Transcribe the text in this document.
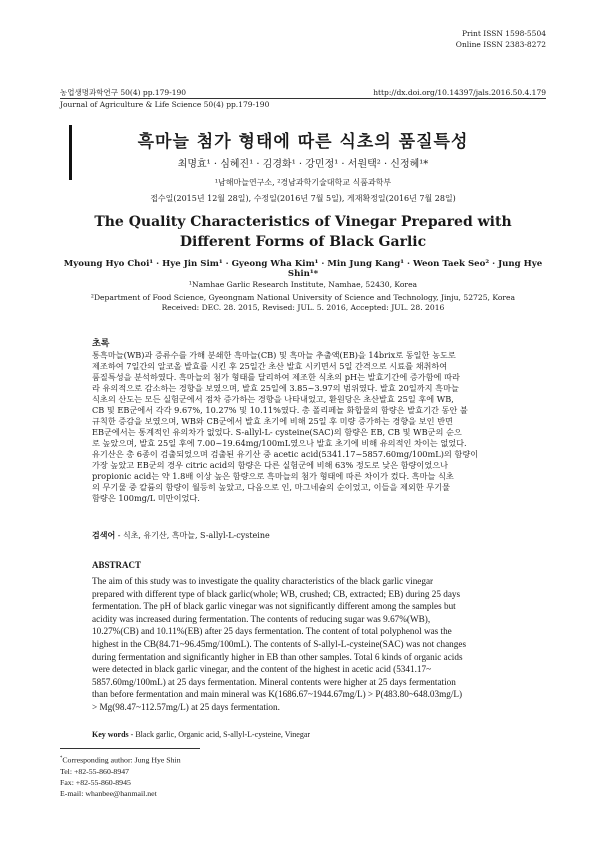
Print ISSN 1598-5504
Online ISSN 2383-8272
농업생명과학연구 50(4) pp.179-190	http://dx.doi.org/10.14397/jals.2016.50.4.179
Journal of Agriculture & Life Science 50(4) pp.179-190
흑마늘 첨가 형태에 따른 식초의 품질특성
최명효¹ · 심혜진¹ · 김경화¹ · 강민정¹ · 서원택² · 신정혜¹*
¹남해마늘연구소, ²경남과학기술대학교 식품과학부
접수일(2015년 12월 28일), 수정일(2016년 7월 5일), 게재확정일(2016년 7월 28일)
The Quality Characteristics of Vinegar Prepared with
Different Forms of Black Garlic
Myoung Hyo Choi¹ · Hye Jin Sim¹ · Gyeong Wha Kim¹ · Min Jung Kang¹ · Weon Taek Seo² · Jung Hye Shin¹*
¹Namhae Garlic Research Institute, Namhae, 52430, Korea
²Department of Food Science, Gyeongnam National University of Science and Technology, Jinju, 52725, Korea
Received: DEC. 28. 2015, Revised: JUL. 5. 2016, Accepted: JUL. 28. 2016
초록
통흑마늘(WB)과 증류수를 가해 분쇄한 흑마늘(CB) 및 흑마늘 추출액(EB)을 14brix로 동일한 농도로
제조하여 7일간의 알코올 발효를 시킨 후 25일간 초산 발효 시키면서 5일 간격으로 시료를 채취하여
품질특성을 분석하였다. 흑마늘의 첨가 형태를 달리하여 제조한 식초의 pH는 발효기간에 증가함에 따라
라 유의적으로 감소하는 경향을 보였으며, 발효 25일에 3.85~3.97의 범위였다. 발효 20일까지 흑마늘
식초의 산도는 모든 실험군에서 점차 증가하는 경향을 나타내었고, 환원당은 초산발효 25일 후에 WB,
CB 및 EB군에서 각각 9.67%, 10.27% 및 10.11%였다. 총 폴리페놀 화합물의 함량은 발효기간 동안 불
규칙한 증감을 보였으며, WB와 CB군에서 발효 초기에 비해 25일 후 미량 증가하는 경향을 보인 반면
EB군에서는 통계적인 유의차가 없었다. S-allyl-L- cysteine(SAC)의 함량은 EB, CB 및 WB군의 순으
로 높았으며, 발효 25일 후에 7.00~19.64mg/100mL였으나 발효 초기에 비해 유의적인 차이는 없었다.
유기산은 총 6종이 검출되었으며 검출된 유기산 중 acetic acid(5341.17~5857.60mg/100mL)의 함량이
가장 높았고 EB군의 경우 citric acid의 함량은 다른 실험군에 비해 63% 정도로 낮은 함량이었으나
propionic acid는 약 1.8배 이상 높은 함량으로 흑마늘의 첨가 형태에 따른 차이가 컸다. 흑마늘 식초
의 무기물 중 칼륨의 함량이 월등히 높았고, 다음으로 인, 마그네슘의 순이었고, 이들을 제외한 무기물
함량은 100mg/L 미만이었다.
검색어 - 식초, 유기산, 흑마늘, S-allyl-L-cysteine
ABSTRACT
The aim of this study was to investigate the quality characteristics of the black garlic vinegar
prepared with different type of black garlic(whole; WB, crushed; CB, extracted; EB) during 25 days
fermentation. The pH of black garlic vinegar was not significantly different among the samples but
acidity was increased during fermentation. The contents of reducing sugar was 9.67%(WB),
10.27%(CB) and 10.11%(EB) after 25 days fermentation. The content of total polyphenol was the
highest in the CB(84.71~96.45mg/100mL). The contents of S-allyl-L-cysteine(SAC) was not changes
during fermentation and significantly higher in EB than other samples. Total 6 kinds of organic acids
were detected in black garlic vinegar, and the content of the highest in acetic acid (5341.17~
5857.60mg/100mL) at 25 days fermentation. Mineral contents were higher at 25 days fermentation
than before fermentation and main mineral was K(1686.67~1944.67mg/L) > P(483.80~648.03mg/L)
> Mg(98.47~112.57mg/L) at 25 days fermentation.
Key words - Black garlic, Organic acid, S-allyl-L-cysteine, Vinegar
*Corresponding author: Jung Hye Shin
Tel: +82-55-860-8947
Fax: +82-55-860-8945
E-mail: whanbee@hanmail.net
